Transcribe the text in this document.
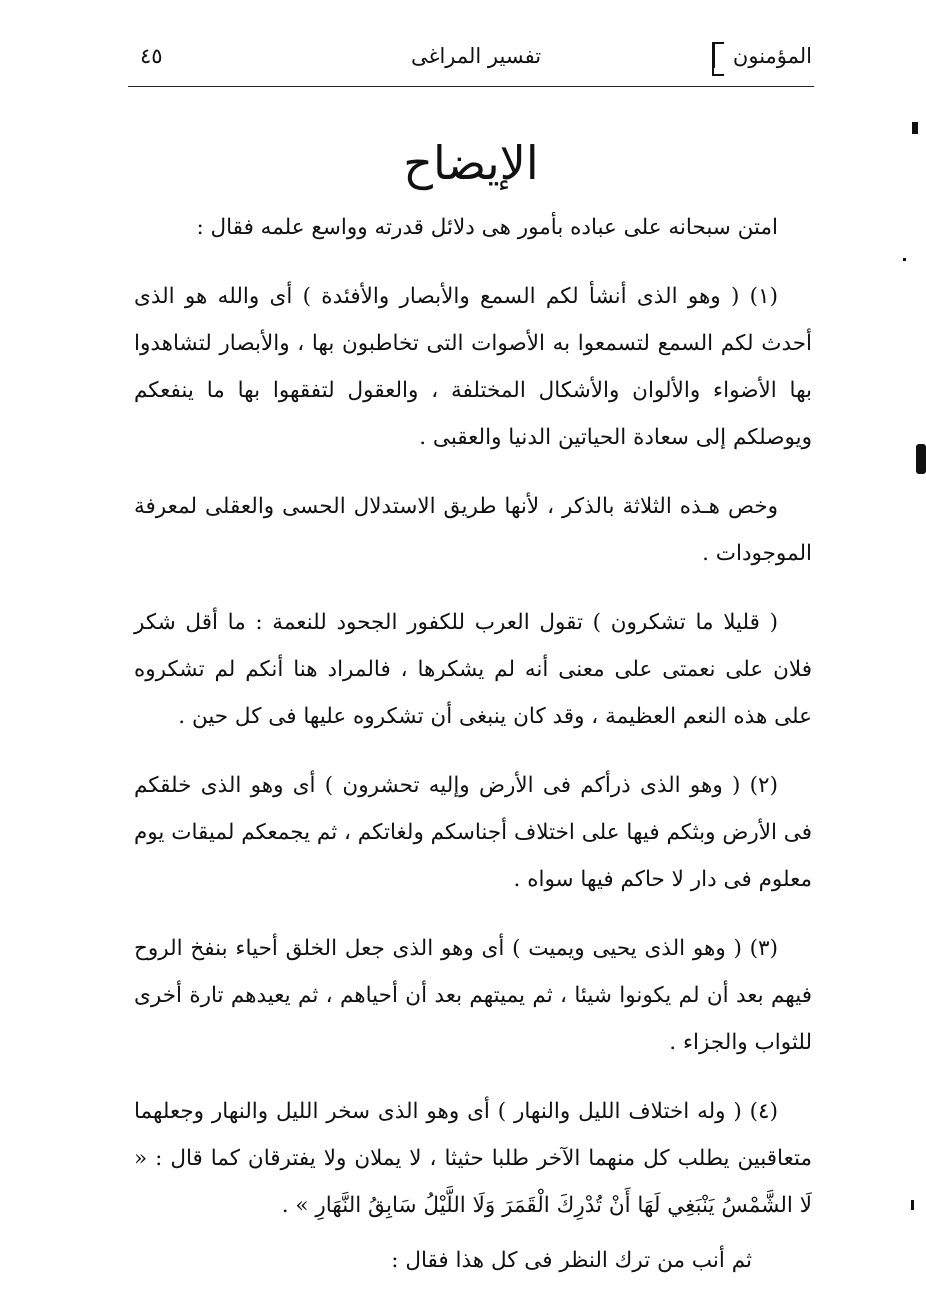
المؤمنون
تفسير المراغى
٤٥
الإيضاح

امتن سبحانه على عباده بأمور هى دلائل قدرته وواسع علمه فقال :

(١) ( وهو الذى أنشأ لكم السمع والأبصار والأفئدة ) أى والله هو الذى أحدث لكم السمع لتسمعوا به الأصوات التى تخاطبون بها ، والأبصار لتشاهدوا بها الأضواء والألوان والأشكال المختلفة ، والعقول لتفقهوا بها ما ينفعكم ويوصلكم إلى سعادة الحياتين الدنيا والعقبى .

وخص هـذه الثلاثة بالذكر ، لأنها طريق الاستدلال الحسى والعقلى لمعرفة الموجودات .

( قليلا ما تشكرون ) تقول العرب للكفور الجحود للنعمة : ما أقل شكر فلان على نعمتى على معنى أنه لم يشكرها ، فالمراد هنا أنكم لم تشكروه على هذه النعم العظيمة ، وقد كان ينبغى أن تشكروه عليها فى كل حين .

(٢) ( وهو الذى ذرأكم فى الأرض وإليه تحشرون ) أى وهو الذى خلقكم فى الأرض وبثكم فيها على اختلاف أجناسكم ولغاتكم ، ثم يجمعكم لميقات يوم معلوم فى دار لا حاكم فيها سواه .

(٣) ( وهو الذى يحيى ويميت ) أى وهو الذى جعل الخلق أحياء بنفخ الروح فيهم بعد أن لم يكونوا شيئا ، ثم يميتهم بعد أن أحياهم ، ثم يعيدهم تارة أخرى للثواب والجزاء .

(٤) ( وله اختلاف الليل والنهار ) أى وهو الذى سخر الليل والنهار وجعلهما متعاقبين يطلب كل منهما الآخر طلبا حثيثا ، لا يملان ولا يفترقان كما قال : « لَا الشَّمْسُ يَنْبَغِي لَهَا أَنْ تُدْرِكَ الْقَمَرَ وَلَا اللَّيْلُ سَابِقُ النَّهَارِ » .

ثم أنب من ترك النظر فى كل هذا فقال :
